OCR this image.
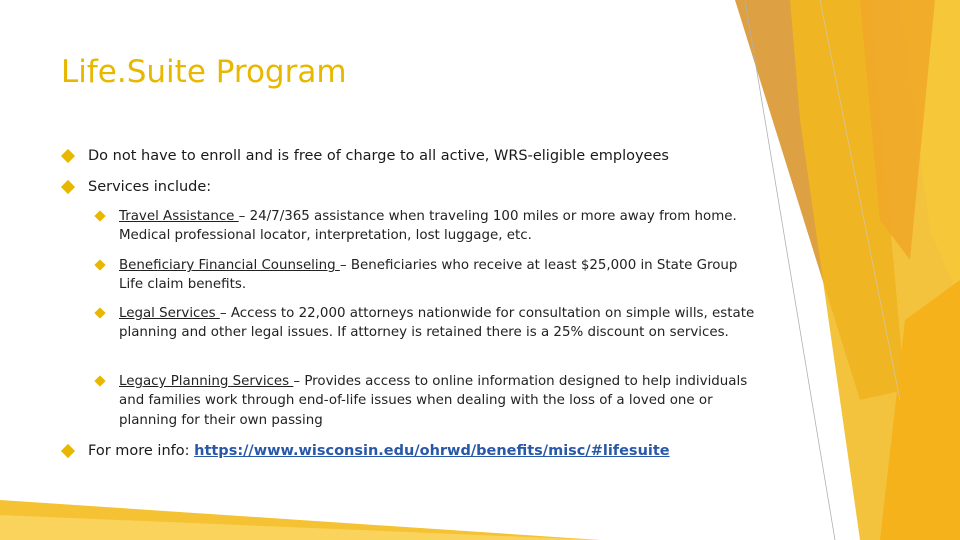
Life.Suite Program
Do not have to enroll and is free of charge to all active, WRS-eligible employees
Services include:
Travel Assistance – 24/7/365 assistance when traveling 100 miles or more away from home. Medical professional locator, interpretation, lost luggage, etc.
Beneficiary Financial Counseling – Beneficiaries who receive at least $25,000 in State Group Life claim benefits.
Legal Services – Access to 22,000 attorneys nationwide for consultation on simple wills, estate planning and other legal issues. If attorney is retained there is a 25% discount on services.
Legacy Planning Services – Provides access to online information designed to help individuals and families work through end-of-life issues when dealing with the loss of a loved one or planning for their own passing
For more info: https://www.wisconsin.edu/ohrwd/benefits/misc/#lifesuite
